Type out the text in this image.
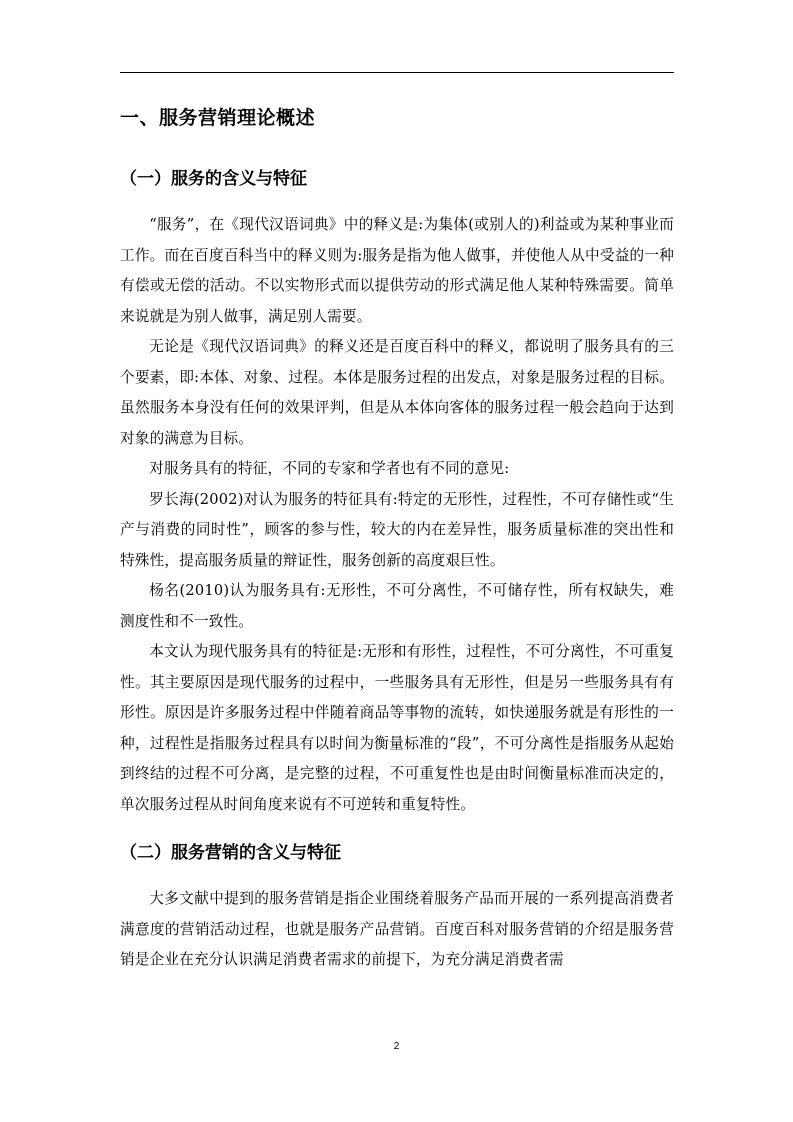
一、服务营销理论概述
（一）服务的含义与特征

“服务”，在《现代汉语词典》中的释义是:为集体(或别人的)利益或为某种事业而工作。而在百度百科当中的释义则为:服务是指为他人做事，并使他人从中受益的一种有偿或无偿的活动。不以实物形式而以提供劳动的形式满足他人某种特殊需要。简单来说就是为别人做事，满足别人需要。

无论是《现代汉语词典》的释义还是百度百科中的释义，都说明了服务具有的三个要素，即:本体、对象、过程。本体是服务过程的出发点，对象是服务过程的目标。虽然服务本身没有任何的效果评判，但是从本体向客体的服务过程一般会趋向于达到对象的满意为目标。

对服务具有的特征，不同的专家和学者也有不同的意见:

罗长海(2002)对认为服务的特征具有:特定的无形性，过程性，不可存储性或“生产与消费的同时性”，顾客的参与性，较大的内在差异性，服务质量标准的突出性和特殊性，提高服务质量的辩证性，服务创新的高度艰巨性。

杨名(2010)认为服务具有:无形性，不可分离性，不可储存性，所有权缺失，难测度性和不一致性。

本文认为现代服务具有的特征是:无形和有形性，过程性，不可分离性，不可重复性。其主要原因是现代服务的过程中，一些服务具有无形性，但是另一些服务具有有形性。原因是许多服务过程中伴随着商品等事物的流转，如快递服务就是有形性的一种，过程性是指服务过程具有以时间为衡量标准的“段”，不可分离性是指服务从起始到终结的过程不可分离，是完整的过程，不可重复性也是由时间衡量标准而决定的，单次服务过程从时间角度来说有不可逆转和重复特性。

（二）服务营销的含义与特征

大多文献中提到的服务营销是指企业围绕着服务产品而开展的一系列提高消费者满意度的营销活动过程，也就是服务产品营销。百度百科对服务营销的介绍是服务营销是企业在充分认识满足消费者需求的前提下，为充分满足消费者需

2
